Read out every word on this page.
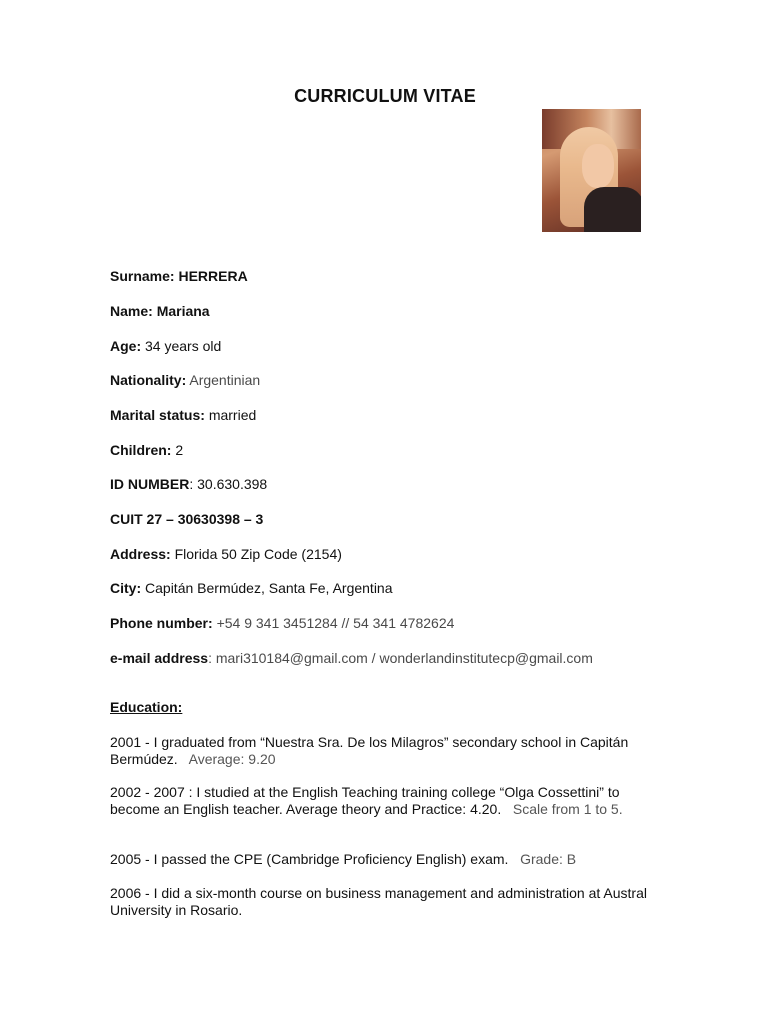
CURRICULUM VITAE
Surname: HERRERA
Name: Mariana
Age: 34 years old
Nationality: Argentinian
Marital status: married
Children: 2
ID NUMBER: 30.630.398
CUIT 27 – 30630398 – 3
Address: Florida 50 Zip Code (2154)
City: Capitán Bermúdez, Santa Fe, Argentina
Phone number: +54 9 341 3451284 // 54 341 4782624
e-mail address: mari310184@gmail.com / wonderlandinstitutecp@gmail.com
Education:
2001 - I graduated from “Nuestra Sra. De los Milagros” secondary school in Capitán Bermúdez. Average: 9.20
2002 - 2007 : I studied at the English Teaching training college “Olga Cossettini” to become an English teacher. Average theory and Practice: 4.20. Scale from 1 to 5.
2005 - I passed the CPE (Cambridge Proficiency English) exam. Grade: B
2006 - I did a six-month course on business management and administration at Austral University in Rosario.
